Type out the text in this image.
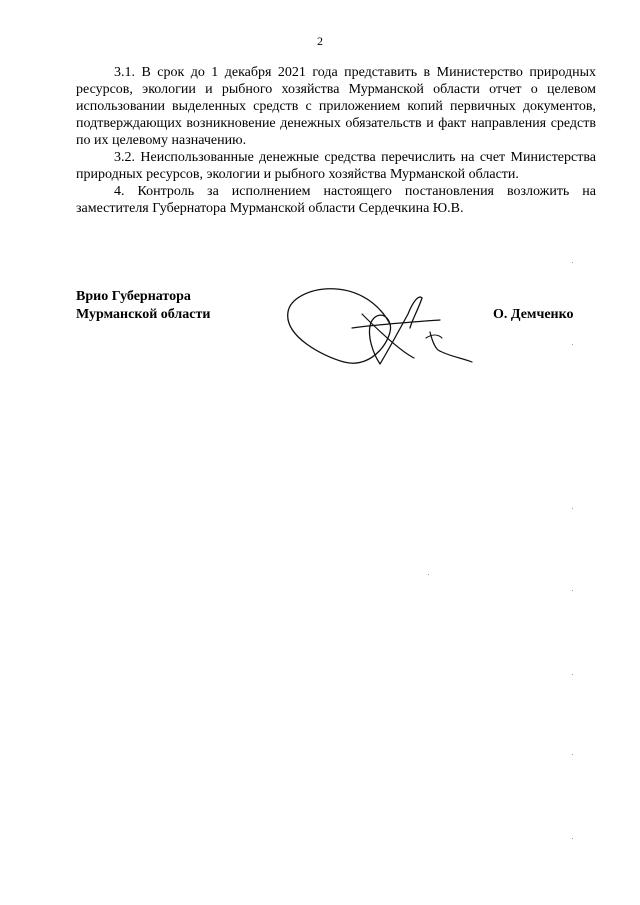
2

3.1. В срок до 1 декабря 2021 года представить в Министерство природных ресурсов, экологии и рыбного хозяйства Мурманской области отчет о целевом использовании выделенных средств с приложением копий первичных документов, подтверждающих возникновение денежных обязательств и факт направления средств по их целевому назначению.

3.2. Неиспользованные денежные средства перечислить на счет Министерства природных ресурсов, экологии и рыбного хозяйства Мурманской области.

4. Контроль за исполнением настоящего постановления возложить на заместителя Губернатора Мурманской области Сердечкина Ю.В.

Врио Губернатора
Мурманской области	О. Демченко
